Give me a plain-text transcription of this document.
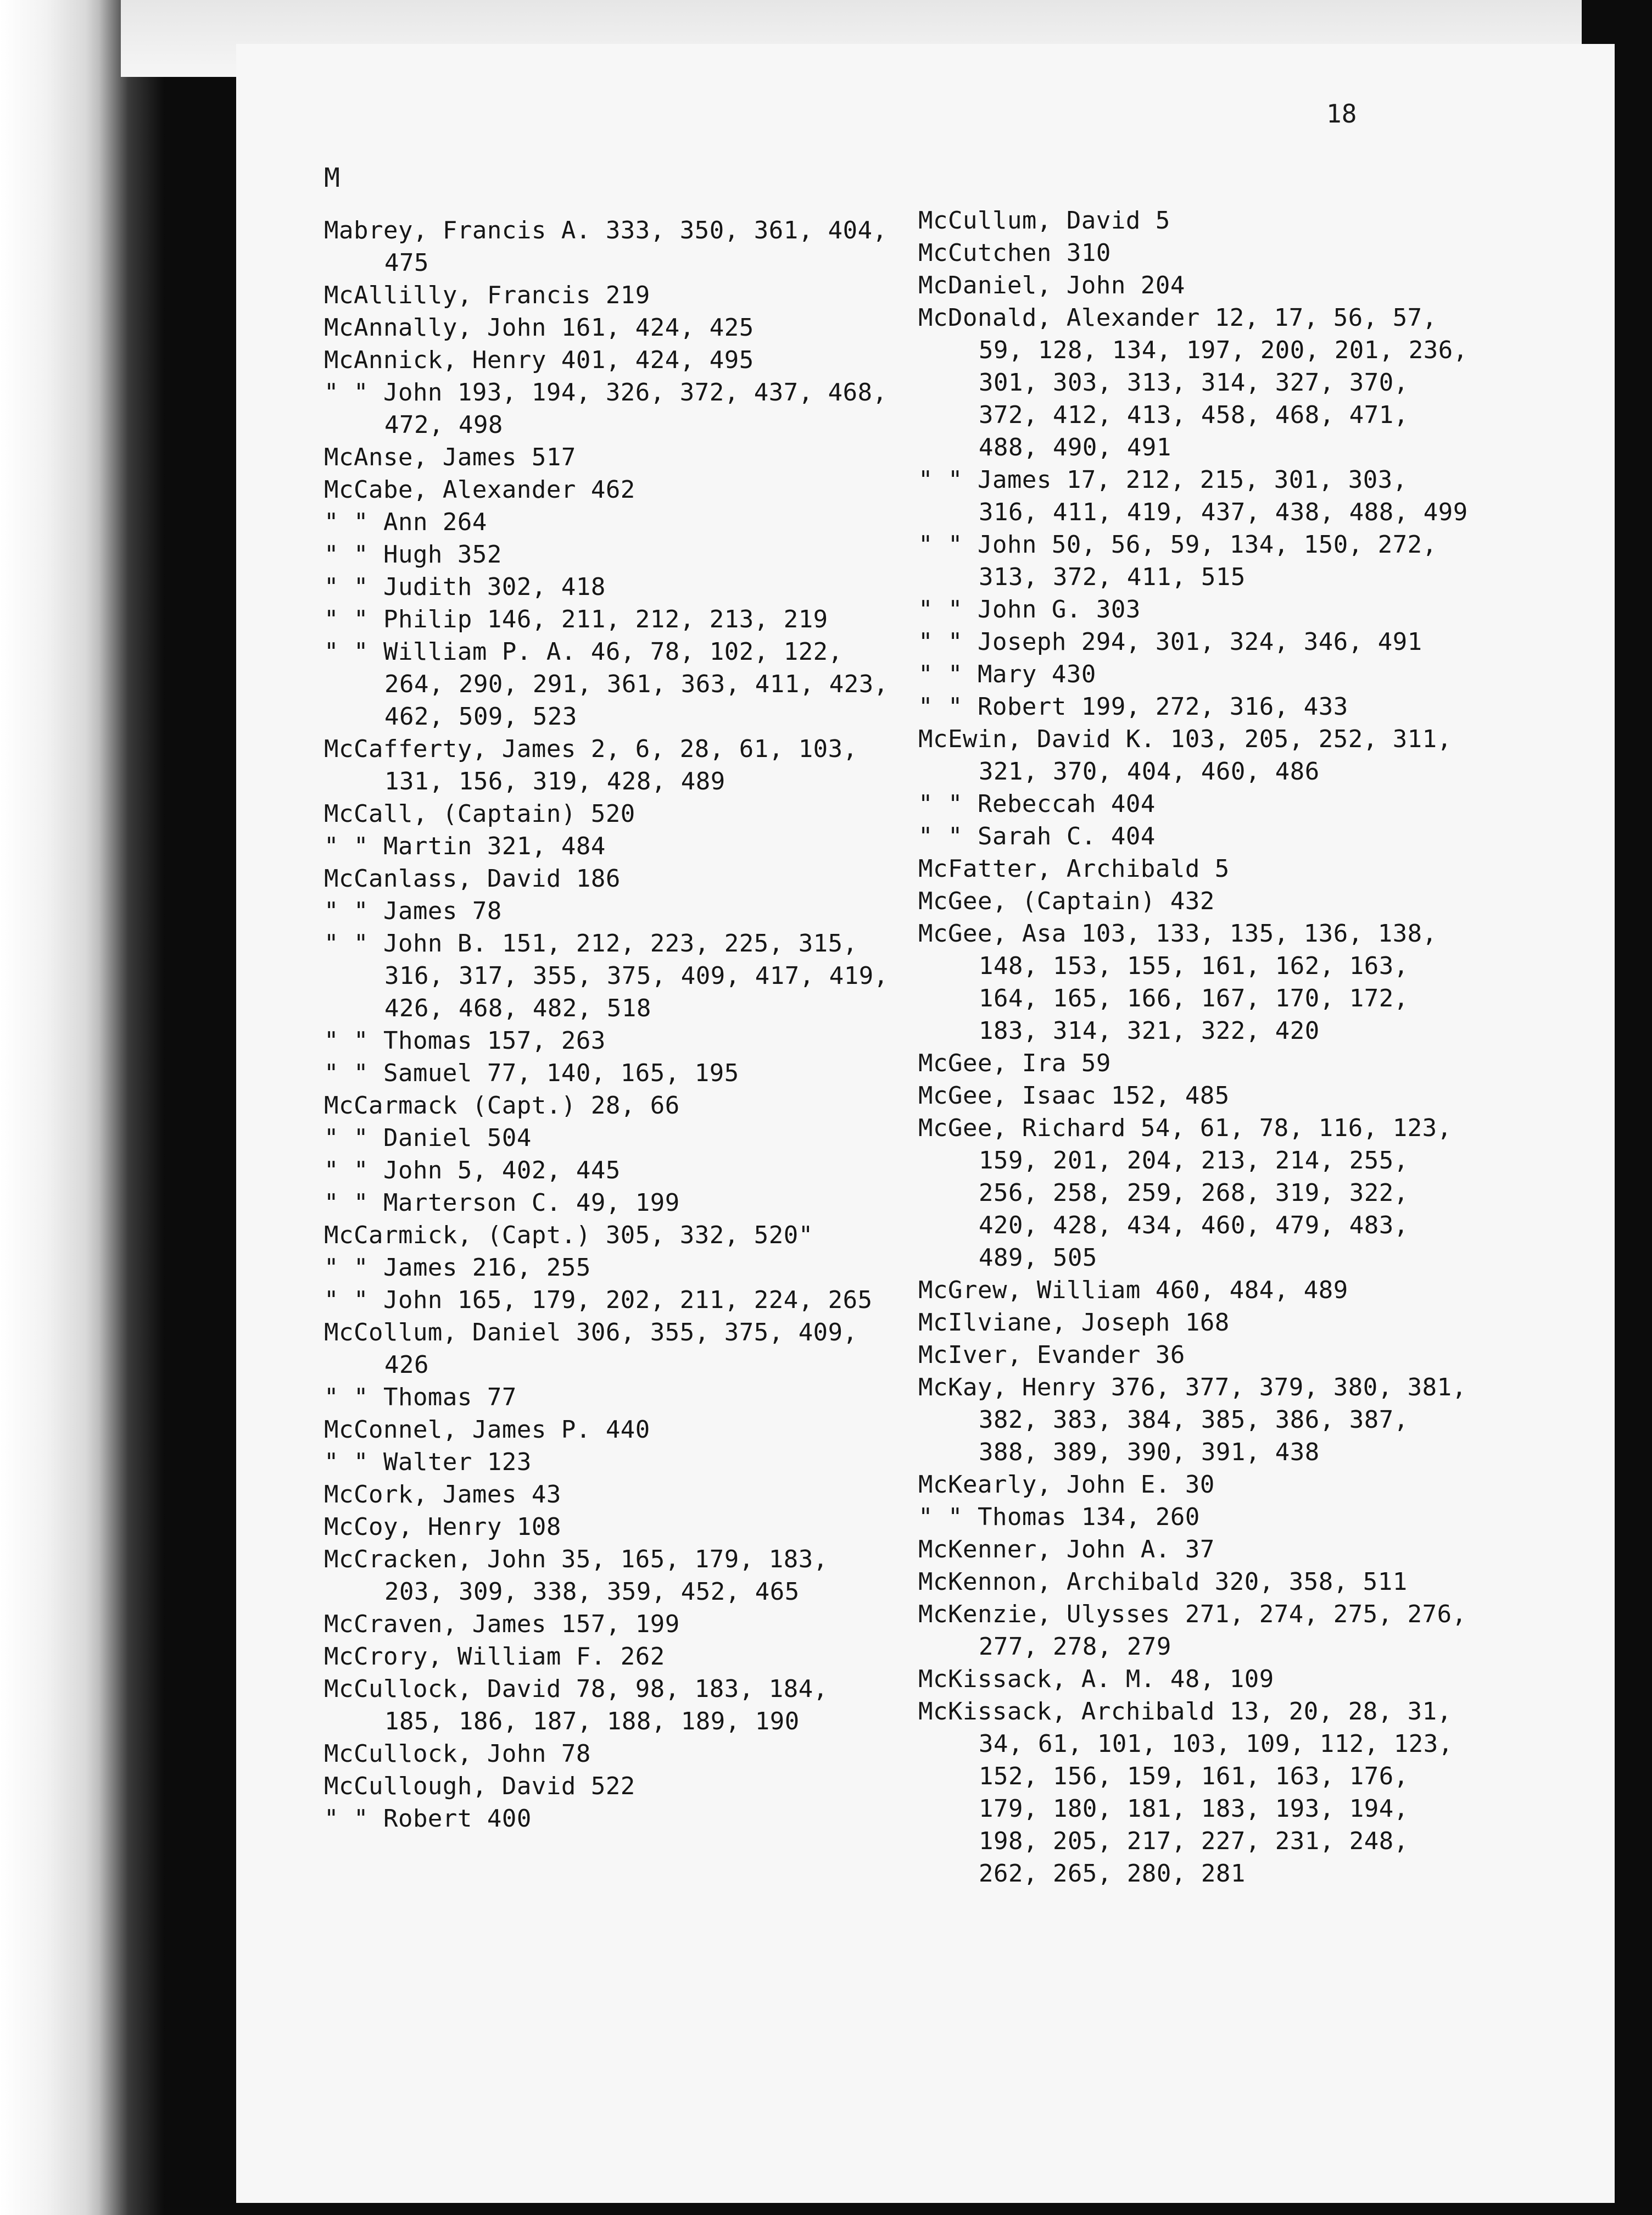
18
M
Mabrey, Francis A. 333, 350, 361, 404, 475
McAllilly, Francis 219
McAnnally, John 161, 424, 425
McAnnick, Henry 401, 424, 495
" " John 193, 194, 326, 372, 437, 468, 472, 498
McAnse, James 517
McCabe, Alexander 462
" " Ann 264
" " Hugh 352
" " Judith 302, 418
" " Philip 146, 211, 212, 213, 219
" " William P. A. 46, 78, 102, 122, 264, 290, 291, 361, 363, 411, 423, 462, 509, 523
McCafferty, James 2, 6, 28, 61, 103, 131, 156, 319, 428, 489
McCall, (Captain) 520
" " Martin 321, 484
McCanlass, David 186
" " James 78
" " John B. 151, 212, 223, 225, 315, 316, 317, 355, 375, 409, 417, 419, 426, 468, 482, 518
" " Thomas 157, 263
" " Samuel 77, 140, 165, 195
McCarmack (Capt.) 28, 66
" " Daniel 504
" " John 5, 402, 445
" " Marterson C. 49, 199
McCarmick, (Capt.) 305, 332, 520"
" " James 216, 255
" " John 165, 179, 202, 211, 224, 265
McCollum, Daniel 306, 355, 375, 409, 426
" " Thomas 77
McConnel, James P. 440
" " Walter 123
McCork, James 43
McCoy, Henry 108
McCracken, John 35, 165, 179, 183, 203, 309, 338, 359, 452, 465
McCraven, James 157, 199
McCrory, William F. 262
McCullock, David 78, 98, 183, 184, 185, 186, 187, 188, 189, 190
McCullock, John 78
McCullough, David 522
" " Robert 400
McCullum, David 5
McCutchen 310
McDaniel, John 204
McDonald, Alexander 12, 17, 56, 57, 59, 128, 134, 197, 200, 201, 236, 301, 303, 313, 314, 327, 370, 372, 412, 413, 458, 468, 471, 488, 490, 491
" " James 17, 212, 215, 301, 303, 316, 411, 419, 437, 438, 488, 499
" " John 50, 56, 59, 134, 150, 272, 313, 372, 411, 515
" " John G. 303
" " Joseph 294, 301, 324, 346, 491
" " Mary 430
" " Robert 199, 272, 316, 433
McEwin, David K. 103, 205, 252, 311, 321, 370, 404, 460, 486
" " Rebeccah 404
" " Sarah C. 404
McFatter, Archibald 5
McGee, (Captain) 432
McGee, Asa 103, 133, 135, 136, 138, 148, 153, 155, 161, 162, 163, 164, 165, 166, 167, 170, 172, 183, 314, 321, 322, 420
McGee, Ira 59
McGee, Isaac 152, 485
McGee, Richard 54, 61, 78, 116, 123, 159, 201, 204, 213, 214, 255, 256, 258, 259, 268, 319, 322, 420, 428, 434, 460, 479, 483, 489, 505
McGrew, William 460, 484, 489
McIlviane, Joseph 168
McIver, Evander 36
McKay, Henry 376, 377, 379, 380, 381, 382, 383, 384, 385, 386, 387, 388, 389, 390, 391, 438
McKearly, John E. 30
" " Thomas 134, 260
McKenner, John A. 37
McKennon, Archibald 320, 358, 511
McKenzie, Ulysses 271, 274, 275, 276, 277, 278, 279
McKissack, A. M. 48, 109
McKissack, Archibald 13, 20, 28, 31, 34, 61, 101, 103, 109, 112, 123, 152, 156, 159, 161, 163, 176, 179, 180, 181, 183, 193, 194, 198, 205, 217, 227, 231, 248, 262, 265, 280, 281
